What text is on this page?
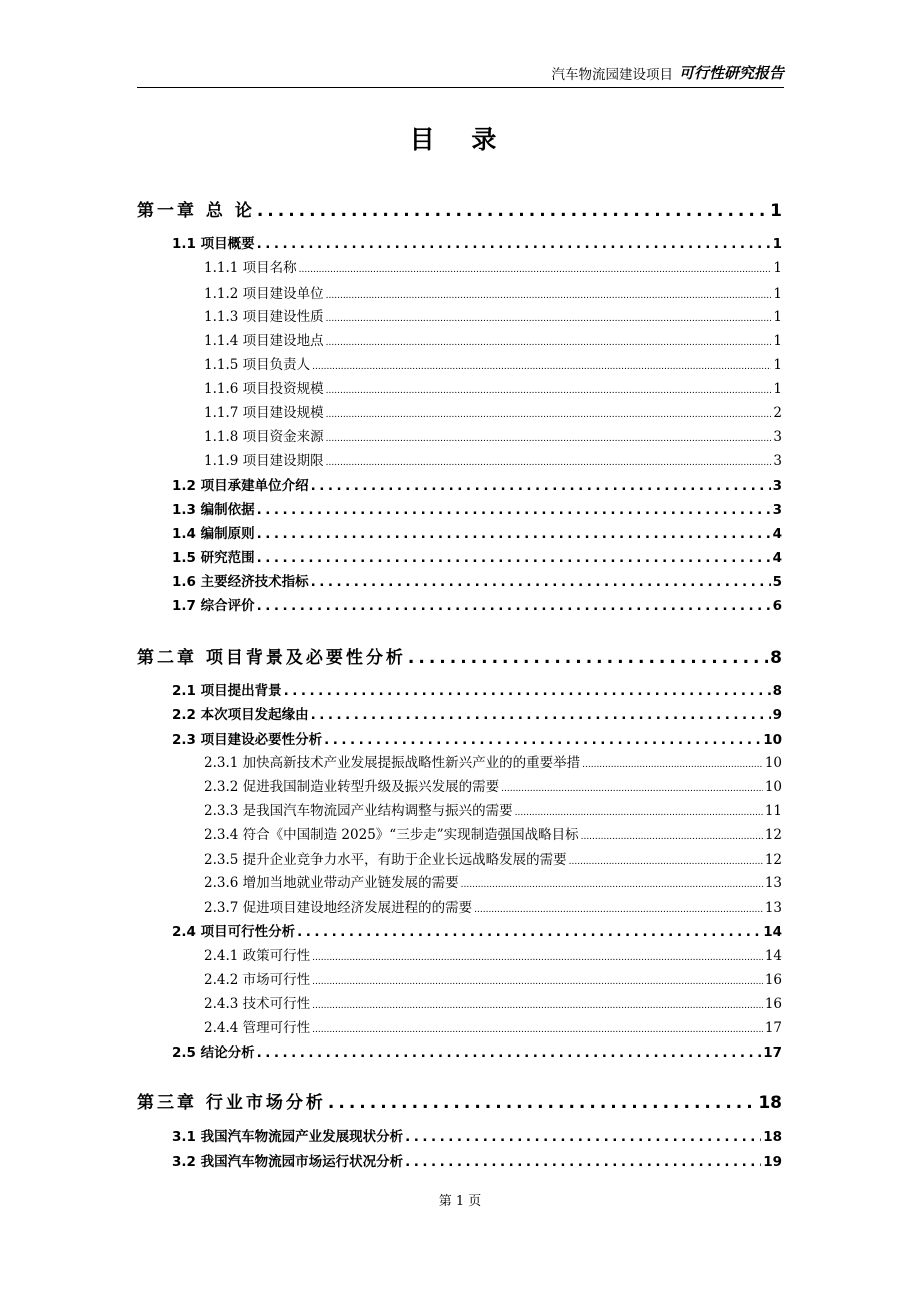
汽车物流园建设项目 可行性研究报告
目 录
第一章 总 论 .....	1
1.1 项目概要 .....	1
1.1.1 项目名称 .....	1
1.1.2 项目建设单位 .....	1
1.1.3 项目建设性质 .....	1
1.1.4 项目建设地点 .....	1
1.1.5 项目负责人 .....	1
1.1.6 项目投资规模 .....	1
1.1.7 项目建设规模 .....	2
1.1.8 项目资金来源 .....	3
1.1.9 项目建设期限 .....	3
1.2 项目承建单位介绍 .....	3
1.3 编制依据 .....	3
1.4 编制原则 .....	4
1.5 研究范围 .....	4
1.6 主要经济技术指标 .....	5
1.7 综合评价 .....	6
第二章 项目背景及必要性分析 .....	8
2.1 项目提出背景 .....	8
2.2 本次项目发起缘由 .....	9
2.3 项目建设必要性分析 .....	10
2.3.1 加快高新技术产业发展提振战略性新兴产业的的重要举措 .....	10
2.3.2 促进我国制造业转型升级及振兴发展的需要 .....	10
2.3.3 是我国汽车物流园产业结构调整与振兴的需要 .....	11
2.3.4 符合《中国制造 2025》“三步走”实现制造强国战略目标 .....	12
2.3.5 提升企业竞争力水平，有助于企业长远战略发展的需要 .....	12
2.3.6 增加当地就业带动产业链发展的需要 .....	13
2.3.7 促进项目建设地经济发展进程的的需要 .....	13
2.4 项目可行性分析 .....	14
2.4.1 政策可行性 .....	14
2.4.2 市场可行性 .....	16
2.4.3 技术可行性 .....	16
2.4.4 管理可行性 .....	17
2.5 结论分析 .....	17
第三章 行业市场分析 .....	18
3.1 我国汽车物流园产业发展现状分析 .....	18
3.2 我国汽车物流园市场运行状况分析 .....	19
第 1 页
